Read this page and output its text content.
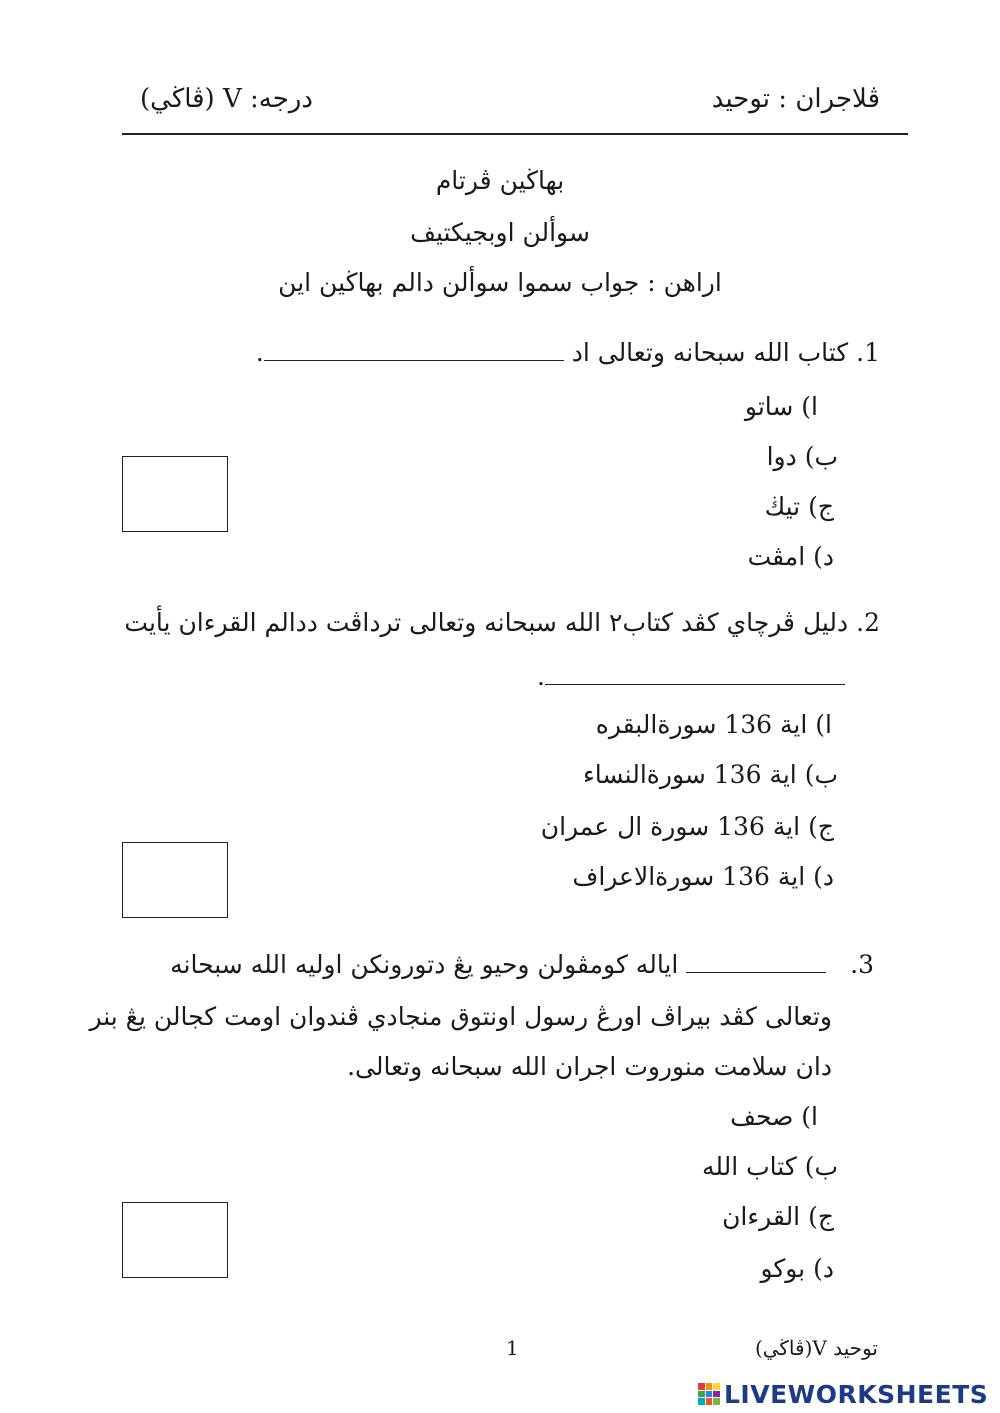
ڤلاجران : توحيد
درجه: V (ڤاڬي)
بهاڬين ڤرتام
سوألن اوبجيکتيف
اراهن : جواب سموا سوألن دالم بهاڬين اين
1. کتاب الله سبحانه وتعالى اد .
ا) ساتو
ب) دوا
ج) تيڬ
د) امڤت
2. دليل ڤرچاي کڤد کتاب٢ الله سبحانه وتعالى ترداڤت ددالم القرءان يأيت
.
ا) اية 136 سورةالبقره
ب) اية 136 سورةالنساء
ج) اية 136 سورة ال عمران
د) اية 136 سورةالاعراف
3.    اياله کومڤولن وحيو يڠ دتورونکن اوليه الله سبحانه
وتعالى کڤد بيراڤ اورڠ رسول اونتوق منجادي ڤندوان اومت کجالن يڠ بنر
دان سلامت منوروت اجران الله سبحانه وتعالى.
ا) صحف
ب) کتاب الله
ج) القرءان
د) بوکو
توحيد V(ڤاڬي)
1
LIVEWORKSHEETS
